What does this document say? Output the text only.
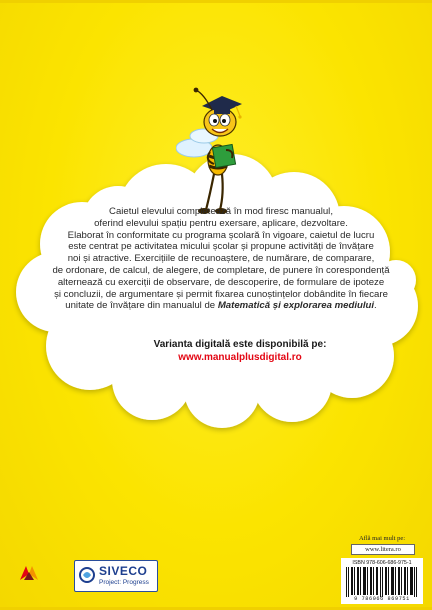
Caietul elevului completează în mod firesc manualul,

oferind elevului spațiu pentru exersare, aplicare, dezvoltare.

Elaborat în conformitate cu programa școlară în vigoare, caietul de lucru

este centrat pe activitatea micului școlar și propune activități de învățare

noi și atractive. Exercițiile de recunoaștere, de numărare, de comparare,

de ordonare, de calcul, de alegere, de completare, de punere în corespondență

alternează cu exerciții de observare, de descoperire, de formulare de ipoteze

și concluzii, de argumentare și permit fixarea cunoștințelor dobândite în fiecare

unitate de învățare din manualul de Matematică și explorarea mediului.

Varianta digitală este disponibilă pe:
www.manualplusdigital.ro
SIVECO
Project: Progress
Află mai mult pe:
www.litera.ro
ISBN 978-606-686-975-1
9 786066 869751
